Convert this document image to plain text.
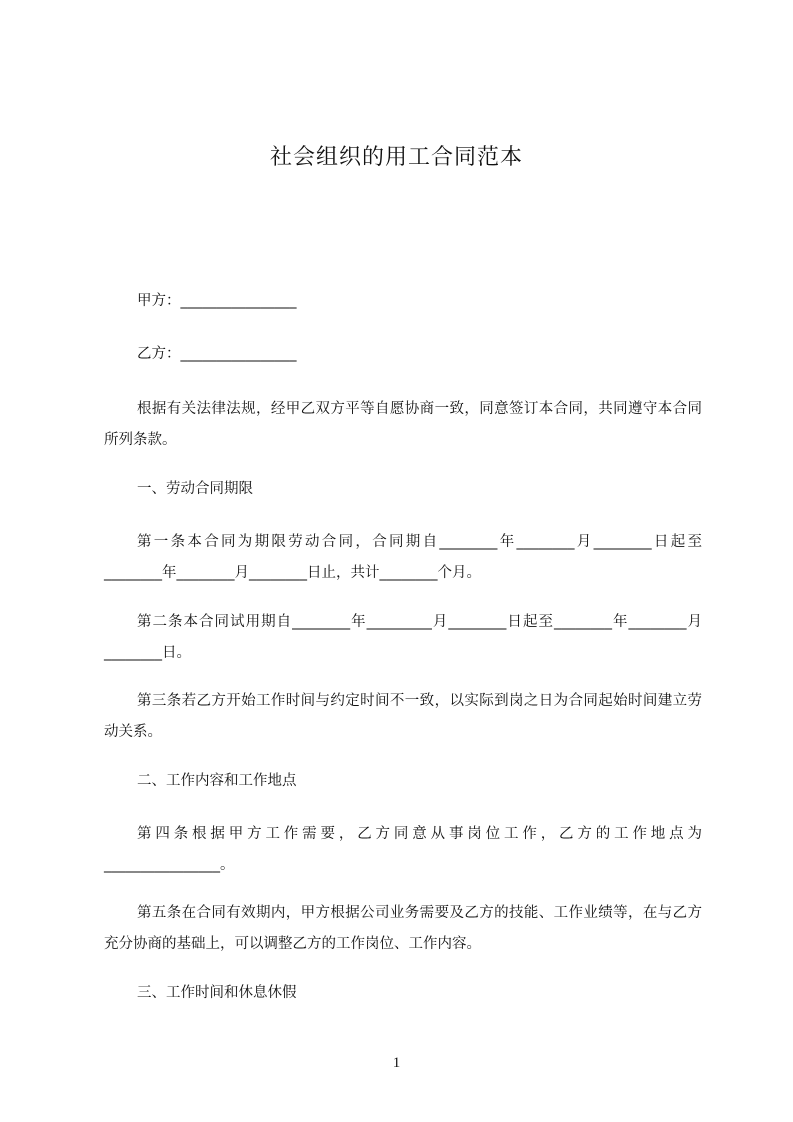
社会组织的用工合同范本
甲方：________________
乙方：________________
根据有关法律法规，经甲乙双方平等自愿协商一致，同意签订本合同，共同遵守本合同所列条款。
一、劳动合同期限
第一条本合同为期限劳动合同，合同期自________年________月________日起至________年________月________日止，共计________个月。
第二条本合同试用期自________年_________月________日起至________年________月________日。
第三条若乙方开始工作时间与约定时间不一致，以实际到岗之日为合同起始时间建立劳动关系。
二、工作内容和工作地点
第四条根据甲方工作需要，乙方同意从事岗位工作，乙方的工作地点为________________。
第五条在合同有效期内，甲方根据公司业务需要及乙方的技能、工作业绩等，在与乙方充分协商的基础上，可以调整乙方的工作岗位、工作内容。
三、工作时间和休息休假
1
